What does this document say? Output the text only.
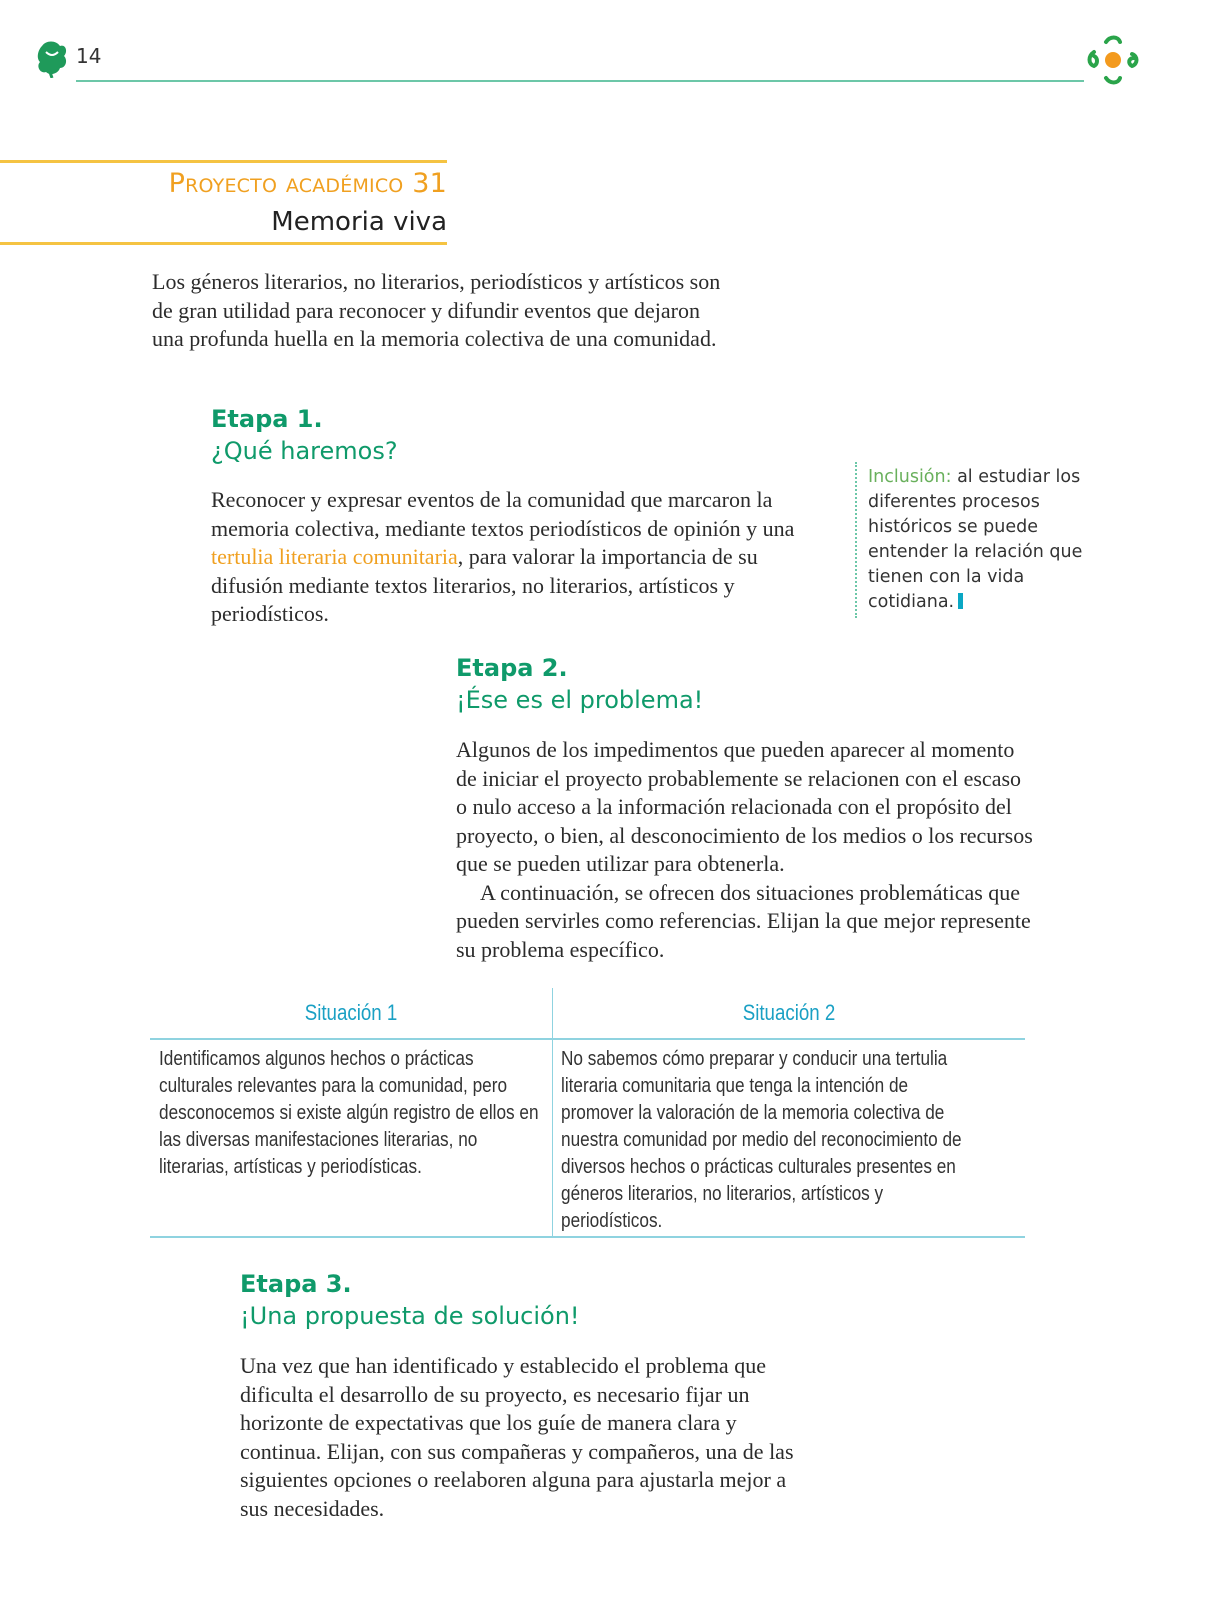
14
Proyecto académico 31
Memoria viva
Los géneros literarios, no literarios, periodísticos y artísticos son de gran utilidad para reconocer y difundir eventos que dejaron una profunda huella en la memoria colectiva de una comunidad.
Etapa 1.
¿Qué haremos?
Reconocer y expresar eventos de la comunidad que marcaron la memoria colectiva, mediante textos periodísticos de opinión y una tertulia literaria comunitaria, para valorar la importancia de su difusión mediante textos literarios, no literarios, artísticos y periodísticos.
Inclusión: al estudiar los diferentes procesos históricos se puede entender la relación que tienen con la vida cotidiana.
Etapa 2.
¡Ése es el problema!
Algunos de los impedimentos que pueden aparecer al momento de iniciar el proyecto probablemente se relacionen con el escaso o nulo acceso a la información relacionada con el propósito del proyecto, o bien, al desconocimiento de los medios o los recursos que se pueden utilizar para obtenerla.
A continuación, se ofrecen dos situaciones problemáticas que pueden servirles como referencias. Elijan la que mejor represente su problema específico.
Situación 1	Situación 2
Identificamos algunos hechos o prácticas culturales relevantes para la comunidad, pero desconocemos si existe algún registro de ellos en las diversas manifestaciones literarias, no literarias, artísticas y periodísticas.
No sabemos cómo preparar y conducir una tertulia literaria comunitaria que tenga la intención de promover la valoración de la memoria colectiva de nuestra comunidad por medio del reconocimiento de diversos hechos o prácticas culturales presentes en géneros literarios, no literarios, artísticos y periodísticos.
Etapa 3.
¡Una propuesta de solución!
Una vez que han identificado y establecido el problema que dificulta el desarrollo de su proyecto, es necesario fijar un horizonte de expectativas que los guíe de manera clara y continua. Elijan, con sus compañeras y compañeros, una de las siguientes opciones o reelaboren alguna para ajustarla mejor a sus necesidades.
